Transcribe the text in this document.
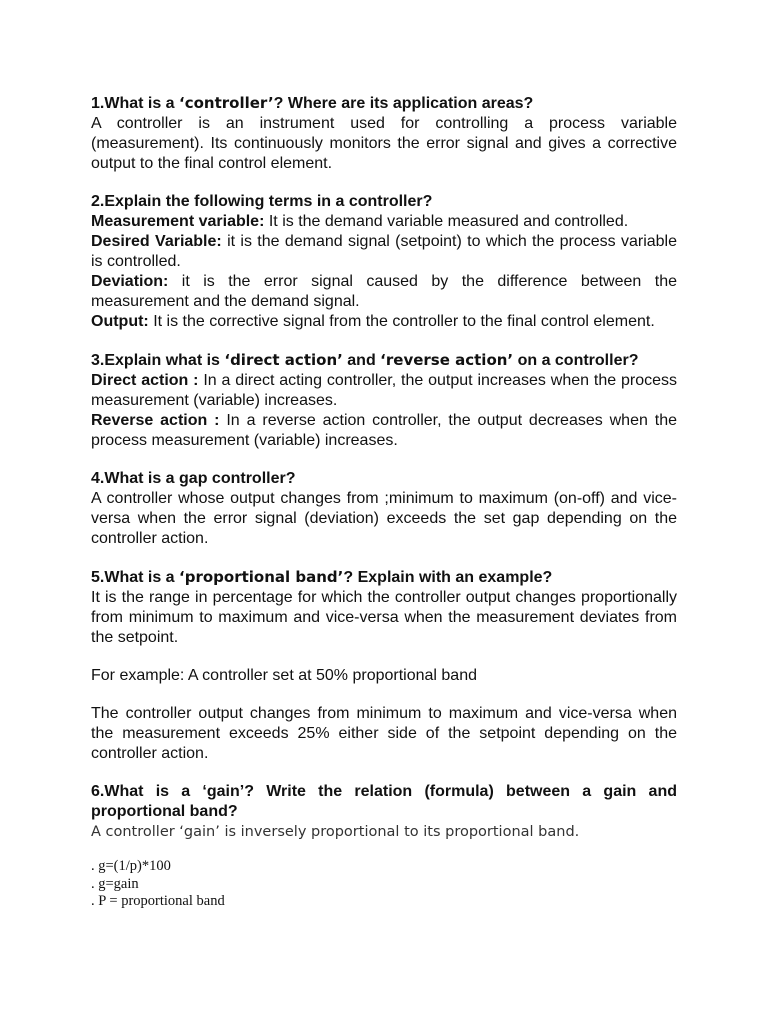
1.What is a ‘controller’? Where are its application areas?

A controller is an instrument used for controlling a process variable (measurement). Its continuously monitors the error signal and gives a corrective output to the final control element.

2.Explain the following terms in a controller?

Measurement variable: It is the demand variable measured and controlled.

Desired Variable: it is the demand signal (setpoint) to which the process variable is controlled.

Deviation: it is the error signal caused by the difference between the measurement and the demand signal.

Output: It is the corrective signal from the controller to the final control element.

3.Explain what is ‘direct action’ and ‘reverse action’ on a controller?

Direct action : In a direct acting controller, the output increases when the process measurement (variable) increases.

Reverse action : In a reverse action controller, the output decreases when the process measurement (variable) increases.

4.What is a gap controller?

A controller whose output changes from ;minimum to maximum (on-off) and vice-versa when the error signal (deviation) exceeds the set gap depending on the controller action.

5.What is a ‘proportional band’? Explain with an example?

It is the range in percentage for which the controller output changes proportionally from minimum to maximum and vice-versa when the measurement deviates from the setpoint.

For example: A controller set at 50% proportional band

The controller output changes from minimum to maximum and vice-versa when the measurement exceeds 25% either side of the setpoint depending on the controller action.

6.What is a ‘gain’? Write the relation (formula) between a gain and proportional band?

A controller ‘gain’ is inversely proportional to its proportional band.

. g=(1/p)*100

. g=gain

. P = proportional band
